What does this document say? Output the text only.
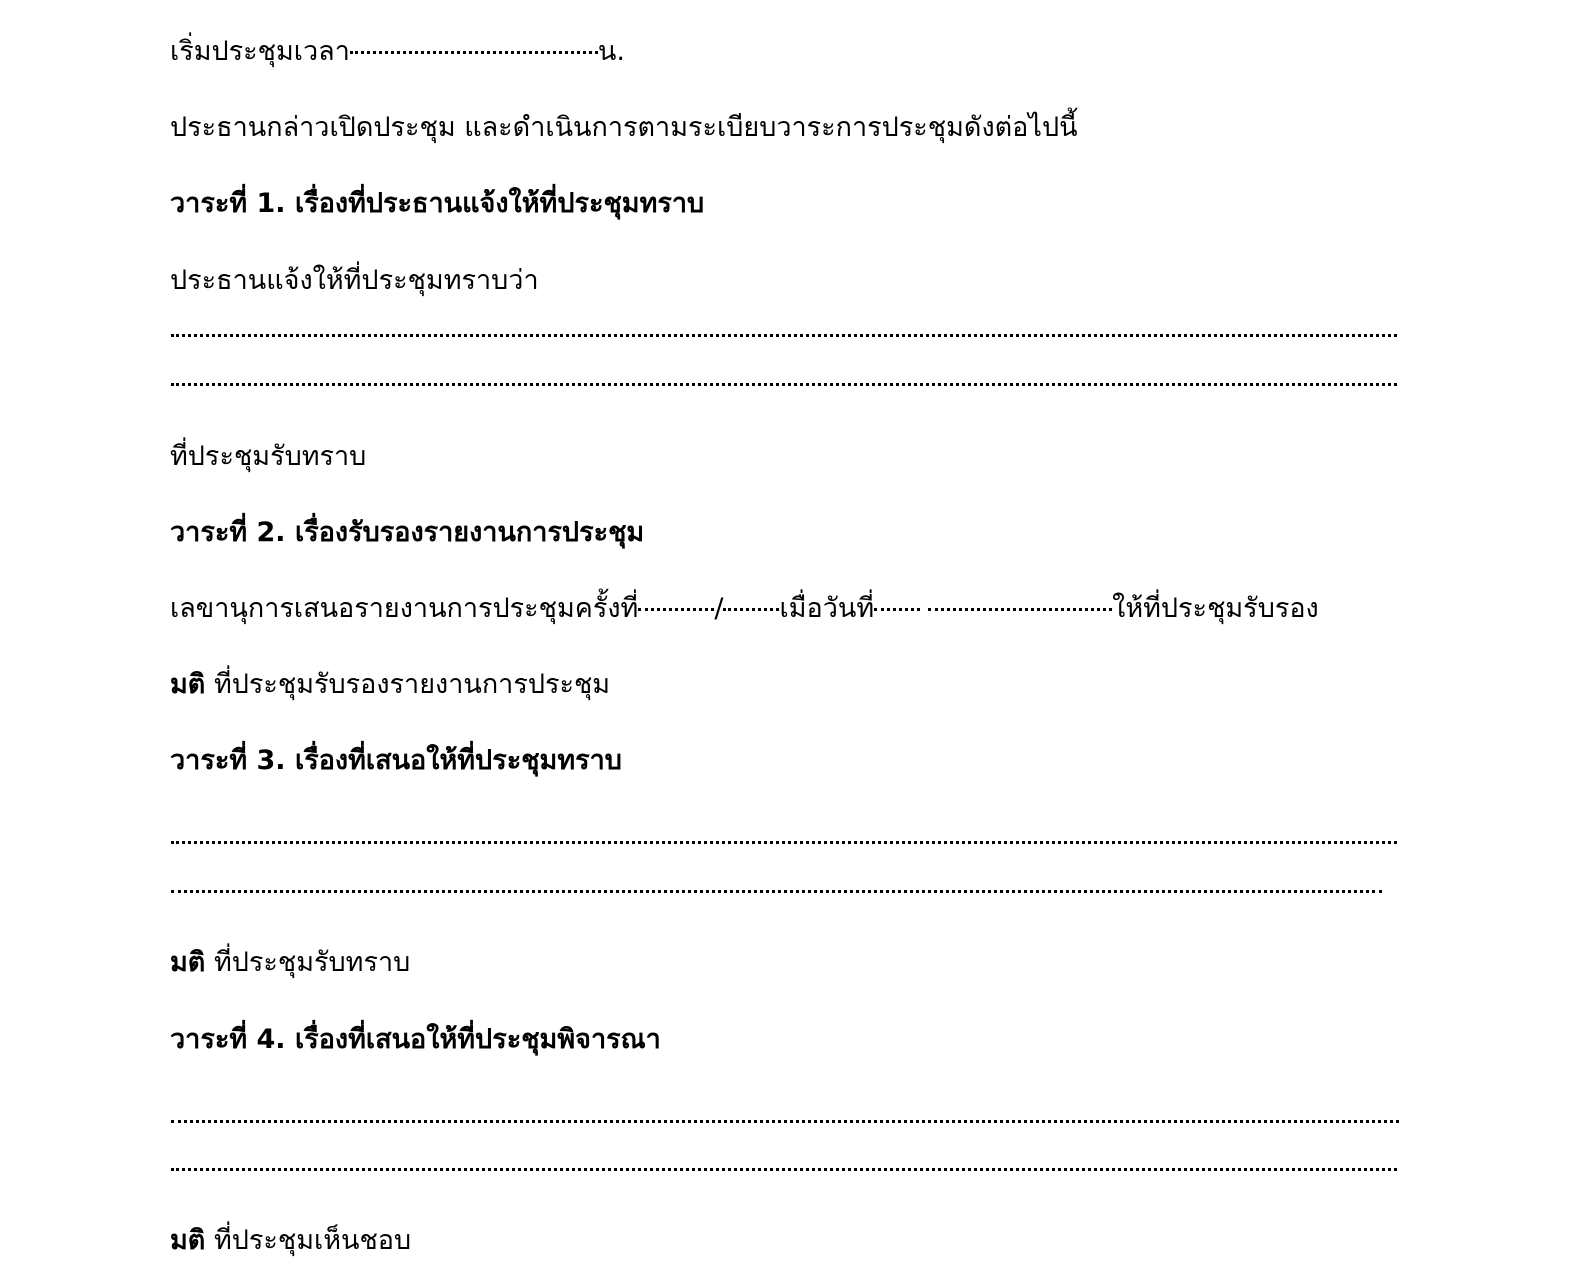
เริ่มประชุมเวลา	น.
ประธานกล่าวเปิดประชุม และดำเนินการตามระเบียบวาระการประชุมดังต่อไปนี้
วาระที่ 1. เรื่องที่ประธานแจ้งให้ที่ประชุมทราบ
ประธานแจ้งให้ที่ประชุมทราบว่า
ที่ประชุมรับทราบ
วาระที่ 2. เรื่องรับรองรายงานการประชุม
เลขานุการเสนอรายงานการประชุมครั้งที่	/ เมื่อวันที่	ให้ที่ประชุมรับรอง
มติ ที่ประชุมรับรองรายงานการประชุม
วาระที่ 3. เรื่องที่เสนอให้ที่ประชุมทราบ
มติ ที่ประชุมรับทราบ
วาระที่ 4. เรื่องที่เสนอให้ที่ประชุมพิจารณา
มติ ที่ประชุมเห็นชอบ
